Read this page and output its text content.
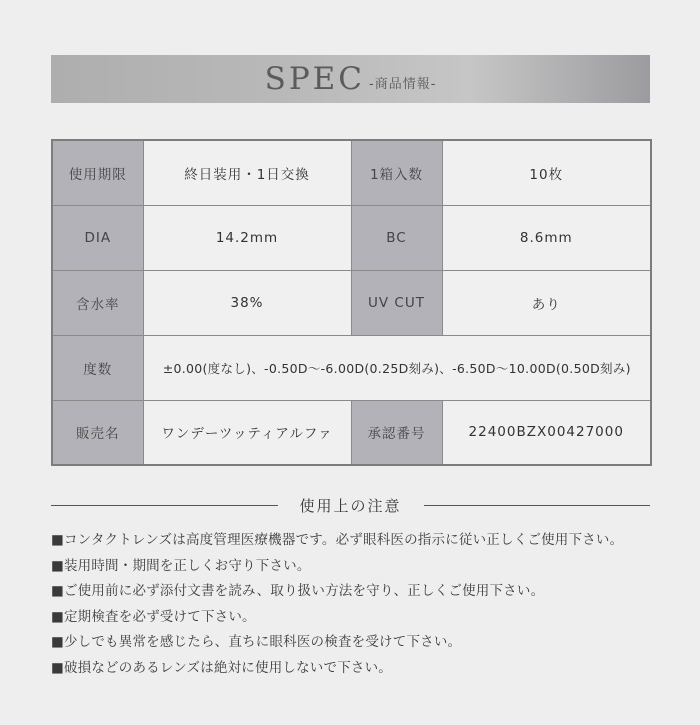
SPEC -商品情報-
使用期限	終日装用・1日交換	1箱入数	10枚
DIA	14.2mm	BC	8.6mm
含水率	38%	UV CUT	あり
度数	±0.00(度なし)、-0.50D〜-6.00D(0.25D刻み)、-6.50D〜10.00D(0.50D刻み)		
販売名	ワンデーツッティアルファ	承認番号	22400BZX00427000
使用上の注意
■コンタクトレンズは高度管理医療機器です。必ず眼科医の指示に従い正しくご使用下さい。
■装用時間・期間を正しくお守り下さい。
■ご使用前に必ず添付文書を読み、取り扱い方法を守り、正しくご使用下さい。
■定期検査を必ず受けて下さい。
■少しでも異常を感じたら、直ちに眼科医の検査を受けて下さい。
■破損などのあるレンズは絶対に使用しないで下さい。
